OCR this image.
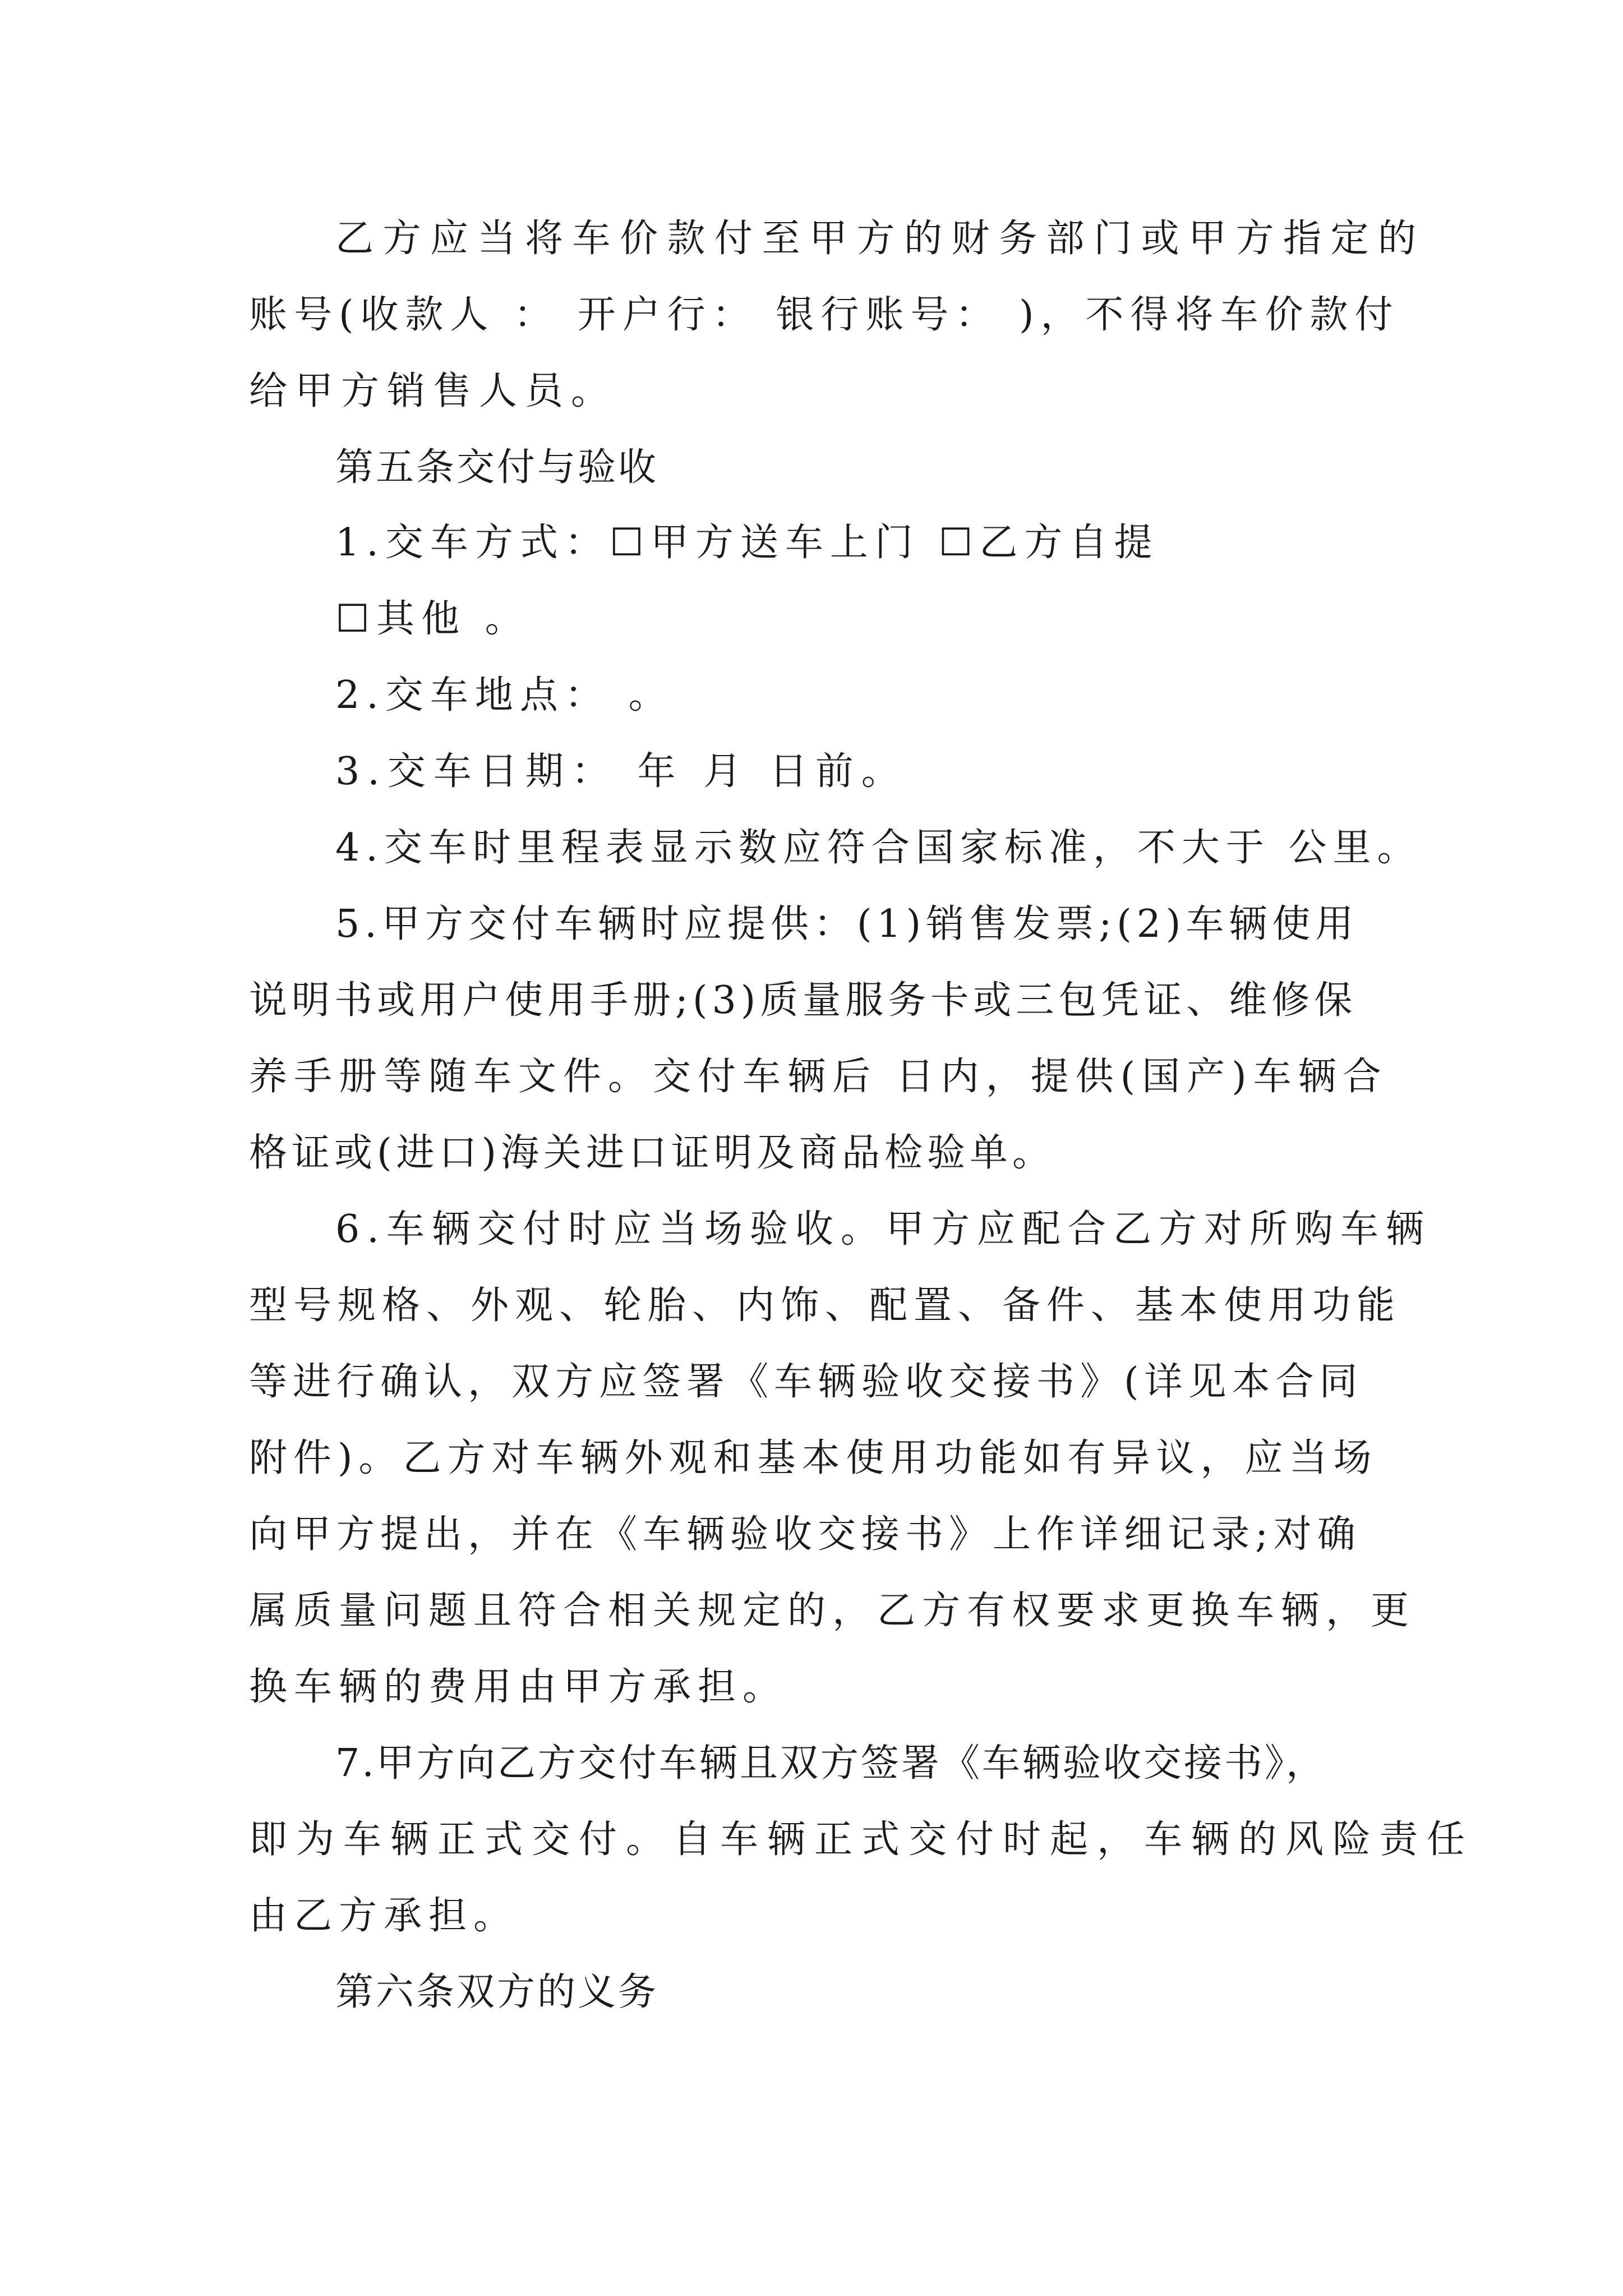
乙方应当将车价款付至甲方的财务部门或甲方指定的
账号(收款人 ： 开户行： 银行账号： )，不得将车价款付
给甲方销售人员。
第五条交付与验收
1.交车方式：☐甲方送车上门 ☐乙方自提
☐其他 。
2.交车地点： 。
3.交车日期： 年 月 日前。
4.交车时里程表显示数应符合国家标准，不大于 公里。
5.甲方交付车辆时应提供：(1)销售发票;(2)车辆使用
说明书或用户使用手册;(3)质量服务卡或三包凭证、维修保
养手册等随车文件。交付车辆后 日内，提供(国产)车辆合
格证或(进口)海关进口证明及商品检验单。
6.车辆交付时应当场验收。甲方应配合乙方对所购车辆
型号规格、外观、轮胎、内饰、配置、备件、基本使用功能
等进行确认，双方应签署《车辆验收交接书》(详见本合同
附件)。乙方对车辆外观和基本使用功能如有异议，应当场
向甲方提出，并在《车辆验收交接书》上作详细记录;对确
属质量问题且符合相关规定的，乙方有权要求更换车辆，更
换车辆的费用由甲方承担。
7.甲方向乙方交付车辆且双方签署《车辆验收交接书》，
即为车辆正式交付。自车辆正式交付时起，车辆的风险责任
由乙方承担。
第六条双方的义务
